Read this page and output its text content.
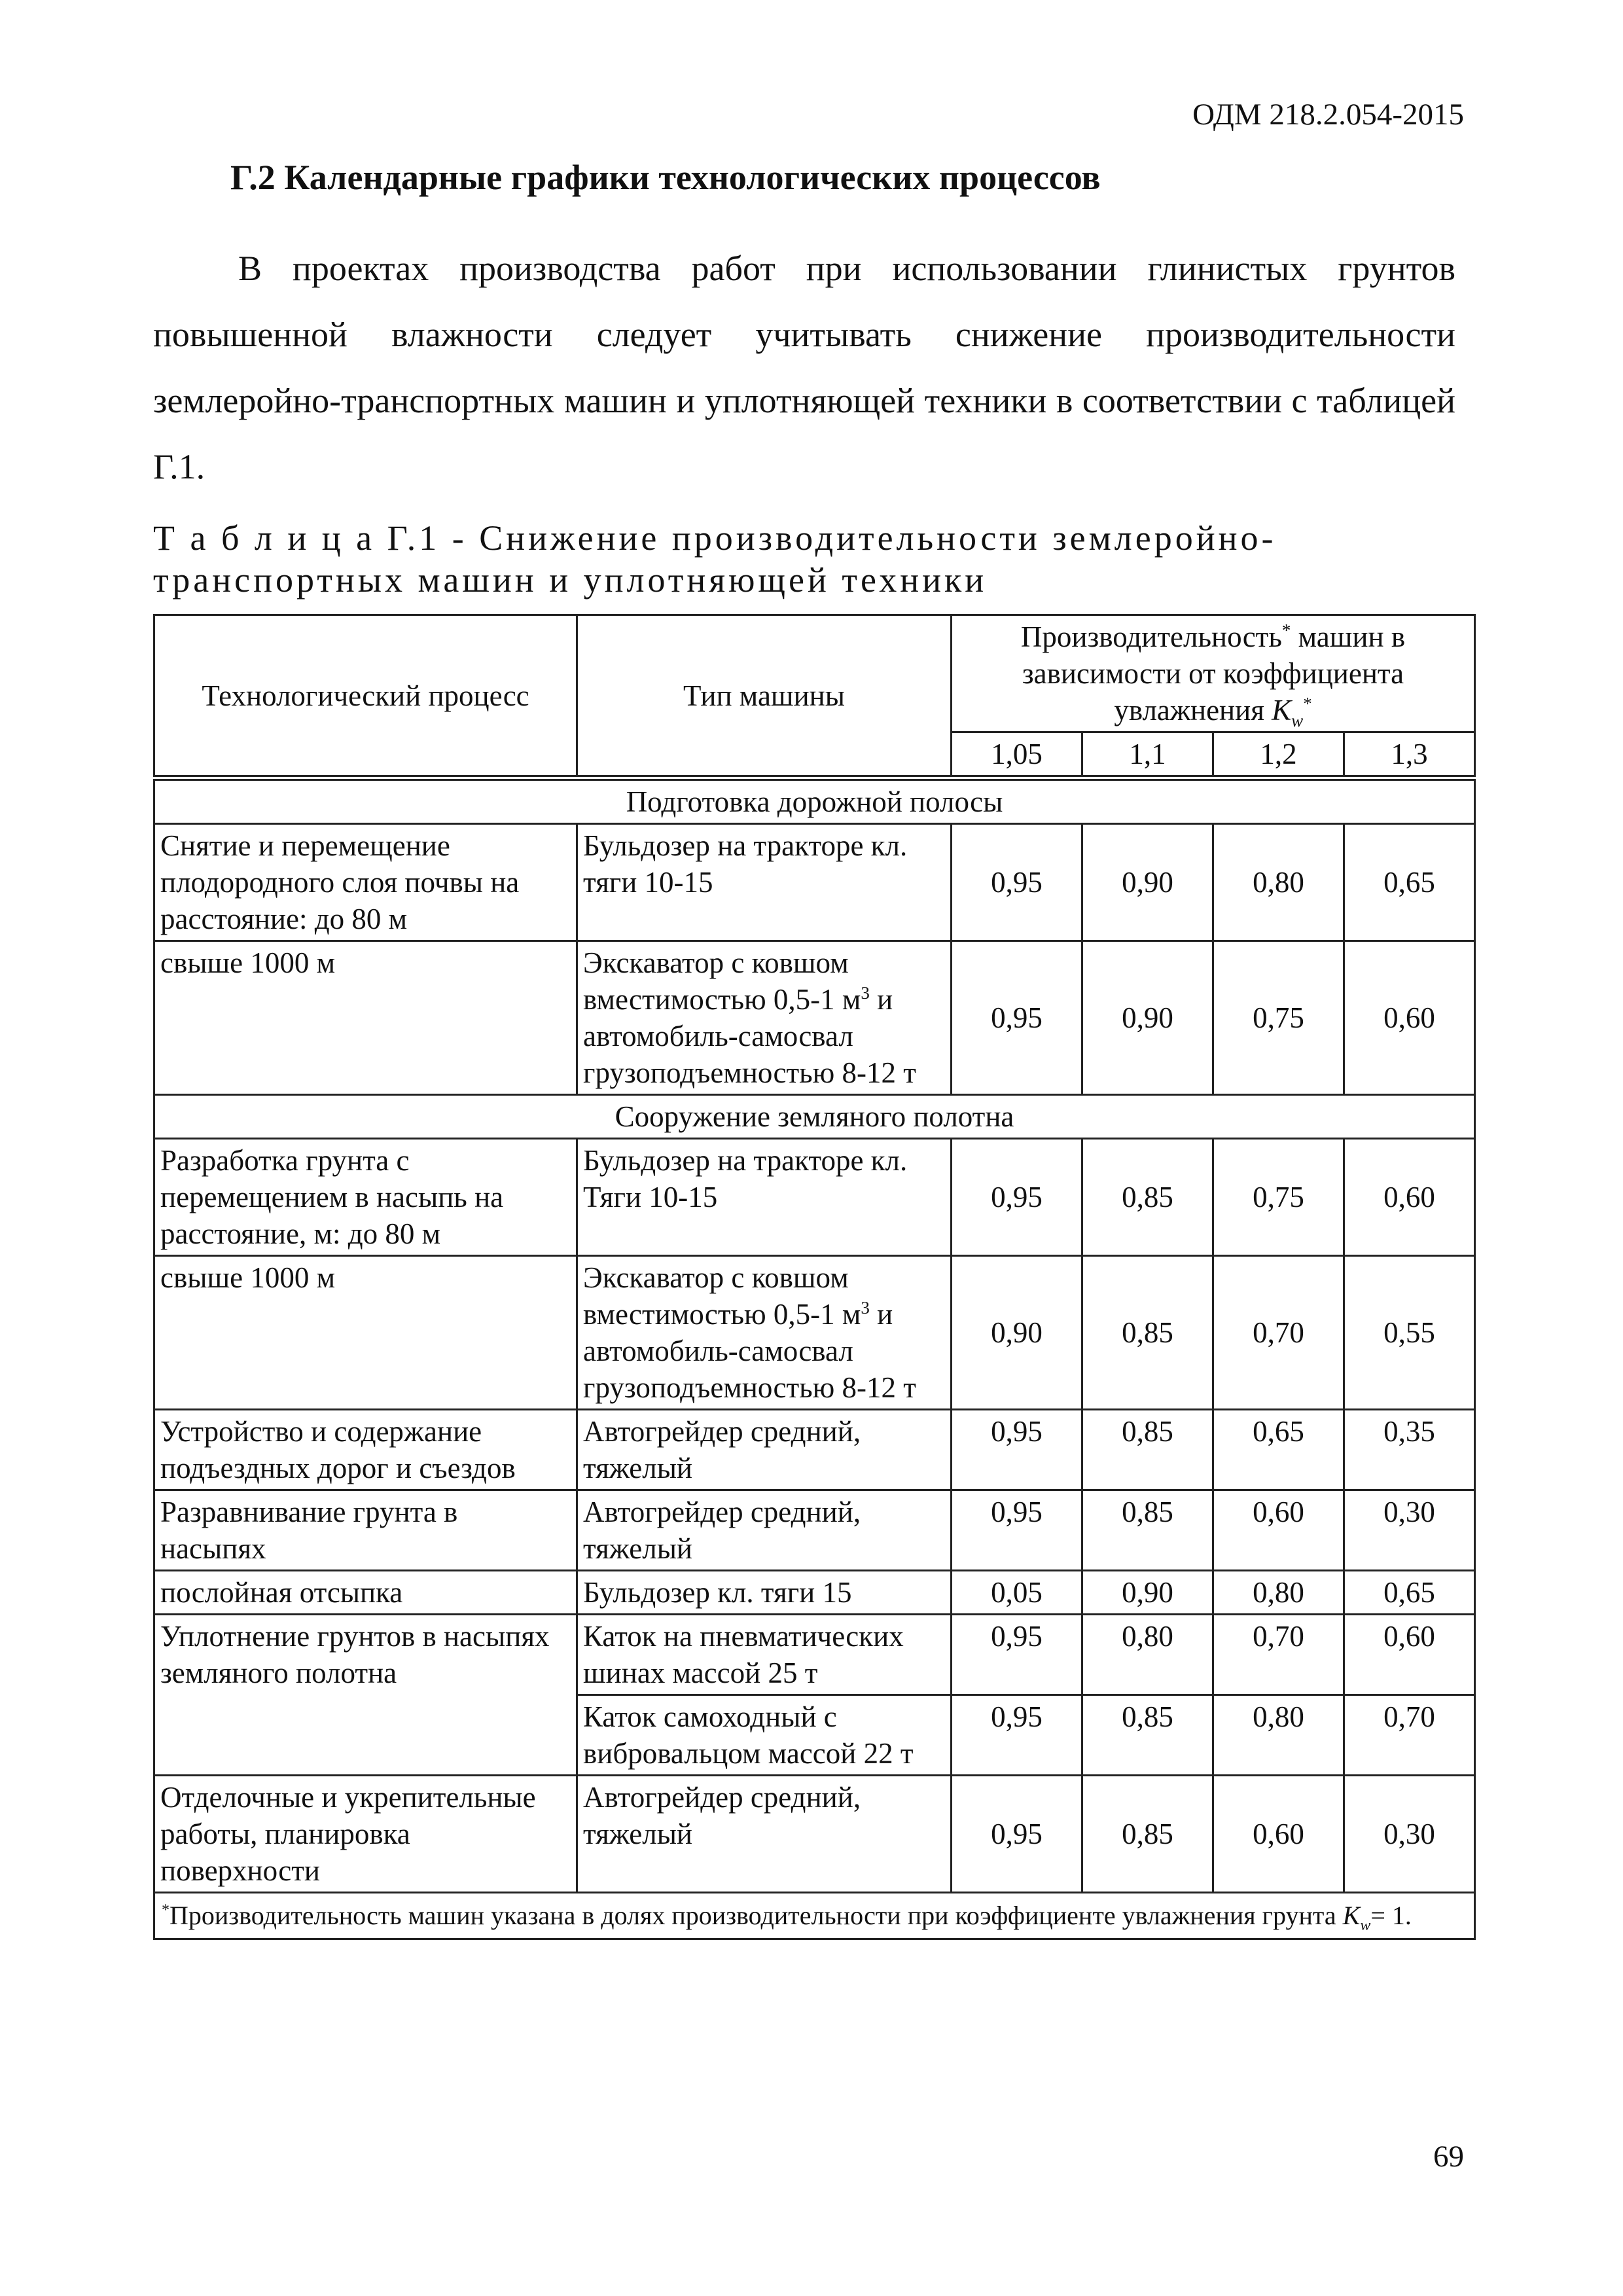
ОДМ 218.2.054-2015
Г.2 Календарные графики технологических процессов

В проектах производства работ при использовании глинистых грунтов повышенной влажности следует учитывать снижение производительности землеройно-транспортных машин и уплотняющей техники в соответствии с таблицей Г.1.

Т а б л и ц а Г.1 - Снижение производительности землеройно-
транспортных машин и уплотняющей техники
Технологический процесс	Тип машины	Производительность* машин в
зависимости от коэффициента
увлажнения $K_w^*$
		1,05	1,1	1,2	1,3
Подготовка дорожной полосы					
Снятие и перемещение плодородного слоя почвы на расстояние: до 80 м	Бульдозер на тракторе кл. тяги 10-15	0,95	0,90	0,80	0,65
свыше 1000 м	Экскаватор с ковшом вместимостью 0,5-1 $м^3$ и автомобиль-самосвал грузоподъемностью 8-12 т	0,95	0,90	0,75	0,60
Сооружение земляного полотна					
Разработка грунта с перемещением в насыпь на расстояние, м: до 80 м	Бульдозер на тракторе кл. Тяги 10-15	0,95	0,85	0,75	0,60
свыше 1000 м	Экскаватор с ковшом вместимостью 0,5-1 $м^3$ и автомобиль-самосвал грузоподъемностью 8-12 т	0,90	0,85	0,70	0,55
Устройство и содержание подъездных дорог и съездов	Автогрейдер средний, тяжелый	0,95	0,85	0,65	0,35
Разравнивание грунта в насыпях	Автогрейдер средний, тяжелый	0,95	0,85	0,60	0,30
послойная отсыпка	Бульдозер кл. тяги 15	0,05	0,90	0,80	0,65
Уплотнение грунтов в насыпях земляного полотна	Каток на пневматических шинах массой 25 т	0,95	0,80	0,70	0,60
	Каток самоходный с вибровальцом массой 22 т	0,95	0,85	0,80	0,70
Отделочные и укрепительные работы, планировка поверхности	Автогрейдер средний, тяжелый	0,95	0,85	0,60	0,30
*Производительность машин указана в долях производительности при коэффициенте увлажнения грунта $K_w= 1$.					
69
